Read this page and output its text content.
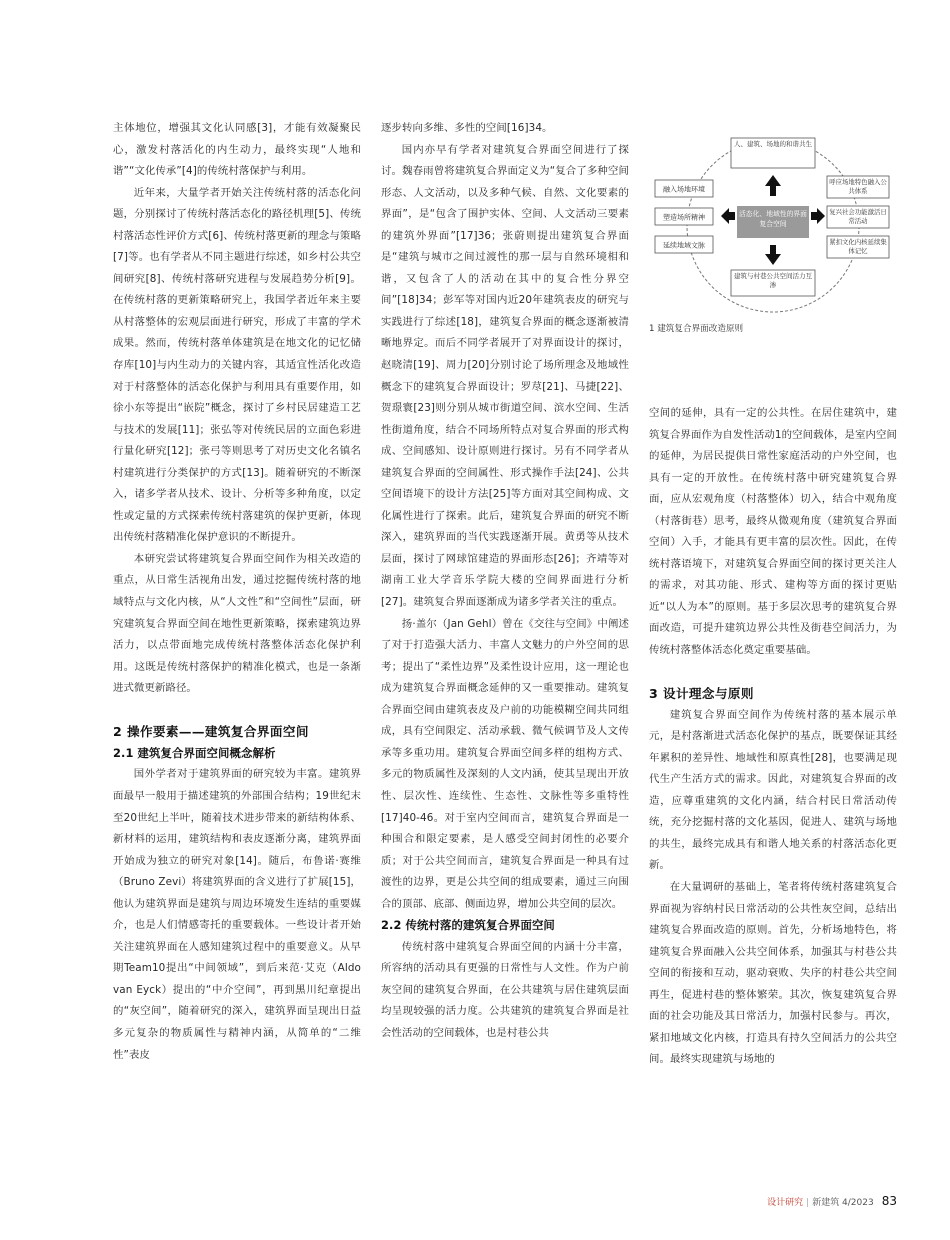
主体地位，增强其文化认同感[3]，才能有效凝聚民心，激发村落活化的内生动力，最终实现“人地和谐”“文化传承”[4]的传统村落保护与利用。

近年来，大量学者开始关注传统村落的活态化问题，分别探讨了传统村落活态化的路径机理[5]、传统村落活态性评价方式[6]、传统村落更新的理念与策略[7]等。也有学者从不同主题进行综述，如乡村公共空间研究[8]、传统村落研究进程与发展趋势分析[9]。在传统村落的更新策略研究上，我国学者近年来主要从村落整体的宏观层面进行研究，形成了丰富的学术成果。然而，传统村落单体建筑是在地文化的记忆储存库[10]与内生动力的关键内容，其适宜性活化改造对于村落整体的活态化保护与利用具有重要作用，如徐小东等提出“嵌院”概念，探讨了乡村民居建造工艺与技术的发展[11]；张弘等对传统民居的立面色彩进行量化研究[12]；张弓等则思考了对历史文化名镇名村建筑进行分类保护的方式[13]。随着研究的不断深入，诸多学者从技术、设计、分析等多种角度，以定性或定量的方式探索传统村落建筑的保护更新，体现出传统村落精准化保护意识的不断提升。

本研究尝试将建筑复合界面空间作为相关改造的重点，从日常生活视角出发，通过挖掘传统村落的地域特点与文化内核，从“人文性”和“空间性”层面，研究建筑复合界面空间在地性更新策略，探索建筑边界活力，以点带面地完成传统村落整体活态化保护利用。这既是传统村落保护的精准化模式，也是一条渐进式微更新路径。

2 操作要素——建筑复合界面空间
2.1 建筑复合界面空间概念解析

国外学者对于建筑界面的研究较为丰富。建筑界面最早一般用于描述建筑的外部围合结构；19世纪末至20世纪上半叶，随着技术进步带来的新结构体系、新材料的运用，建筑结构和表皮逐渐分离，建筑界面开始成为独立的研究对象[14]。随后，布鲁诺·赛维（Bruno Zevi）将建筑界面的含义进行了扩展[15]，他认为建筑界面是建筑与周边环境发生连结的重要媒介，也是人们情感寄托的重要载体。一些设计者开始关注建筑界面在人感知建筑过程中的重要意义。从早期Team10提出“中间领域”，到后来范·艾克（Aldo van Eyck）提出的“中介空间”，再到黑川纪章提出的“灰空间”，随着研究的深入，建筑界面呈现出日益多元复杂的物质属性与精神内涵，从简单的“二维性”表皮

逐步转向多维、多性的空间[16]34。

国内亦早有学者对建筑复合界面空间进行了探讨。魏春雨曾将建筑复合界面定义为“复合了多种空间形态、人文活动，以及多种气候、自然、文化要素的界面”，是“包含了围护实体、空间、人文活动三要素的建筑外界面”[17]36；张蔚则提出建筑复合界面是“建筑与城市之间过渡性的那一层与自然环境相和谐，又包含了人的活动在其中的复合性分界空间”[18]34；彭军等对国内近20年建筑表皮的研究与实践进行了综述[18]，建筑复合界面的概念逐渐被清晰地界定。而后不同学者展开了对界面设计的探讨，赵晓清[19]、周力[20]分别讨论了场所理念及地域性概念下的建筑复合界面设计；罗荩[21]、马捷[22]、贺璟寰[23]则分别从城市街道空间、滨水空间、生活性街道角度，结合不同场所特点对复合界面的形式构成、空间感知、设计原则进行探讨。另有不同学者从建筑复合界面的空间属性、形式操作手法[24]、公共空间语境下的设计方法[25]等方面对其空间构成、文化属性进行了探索。此后，建筑复合界面的研究不断深入，建筑界面的当代实践逐渐开展。黄勇等从技术层面，探讨了网球馆建造的界面形态[26]；齐靖等对湖南工业大学音乐学院大楼的空间界面进行分析[27]。建筑复合界面逐渐成为诸多学者关注的重点。

扬·盖尔（Jan Gehl）曾在《交往与空间》中阐述了对于打造强大活力、丰富人文魅力的户外空间的思考；提出了“柔性边界”及柔性设计应用，这一理论也成为建筑复合界面概念延伸的又一重要推动。建筑复合界面空间由建筑表皮及户前的功能模糊空间共同组成，具有空间限定、活动承载、微气候调节及人文传承等多重功用。建筑复合界面空间多样的组构方式、多元的物质属性及深刻的人文内涵，使其呈现出开放性、层次性、连续性、生态性、文脉性等多重特性[17]40-46。对于室内空间而言，建筑复合界面是一种围合和限定要素，是人感受空间封闭性的必要介质；对于公共空间而言，建筑复合界面是一种具有过渡性的边界，更是公共空间的组成要素，通过三向围合的顶部、底部、侧面边界，增加公共空间的层次。

2.2 传统村落的建筑复合界面空间

传统村落中建筑复合界面空间的内涵十分丰富，所容纳的活动具有更强的日常性与人文性。作为户前灰空间的建筑复合界面，在公共建筑与居住建筑层面均呈现较强的活力度。公共建筑的建筑复合界面是社会性活动的空间载体，也是村巷公共

人、建筑、场地的和谐共生
融入场地环境
塑造场所精神
延续地域文脉
活态化、地域性的界面复合空间
呼应场地特色融入公共体系
复兴社会功能激活日常活动
紧扣文化内核延续集体记忆
建筑与村巷公共空间活力互渗
1 建筑复合界面改造原则

空间的延伸，具有一定的公共性。在居住建筑中，建筑复合界面作为自发性活动1的空间载体，是室内空间的延伸，为居民提供日常性家庭活动的户外空间，也具有一定的开放性。在传统村落中研究建筑复合界面，应从宏观角度（村落整体）切入，结合中观角度（村落街巷）思考，最终从微观角度（建筑复合界面空间）入手，才能具有更丰富的层次性。因此，在传统村落语境下，对建筑复合界面空间的探讨更关注人的需求，对其功能、形式、建构等方面的探讨更贴近“以人为本”的原则。基于多层次思考的建筑复合界面改造，可提升建筑边界公共性及街巷空间活力，为传统村落整体活态化奠定重要基础。

3 设计理念与原则

建筑复合界面空间作为传统村落的基本展示单元，是村落渐进式活态化保护的基点，既要保证其经年累积的差异性、地域性和原真性[28]，也要满足现代生产生活方式的需求。因此，对建筑复合界面的改造，应尊重建筑的文化内涵，结合村民日常活动传统，充分挖掘村落的文化基因，促进人、建筑与场地的共生，最终完成具有和谐人地关系的村落活态化更新。

在大量调研的基础上，笔者将传统村落建筑复合界面视为容纳村民日常活动的公共性灰空间，总结出建筑复合界面改造的原则。首先，分析场地特色，将建筑复合界面融入公共空间体系，加强其与村巷公共空间的衔接和互动，驱动衰败、失序的村巷公共空间再生，促进村巷的整体繁荣。其次，恢复建筑复合界面的社会功能及其日常活力，加强村民参与。再次，紧扣地域文化内核，打造具有持久空间活力的公共空间。最终实现建筑与场地的

设计研究 | 新建筑 4/2023 83
